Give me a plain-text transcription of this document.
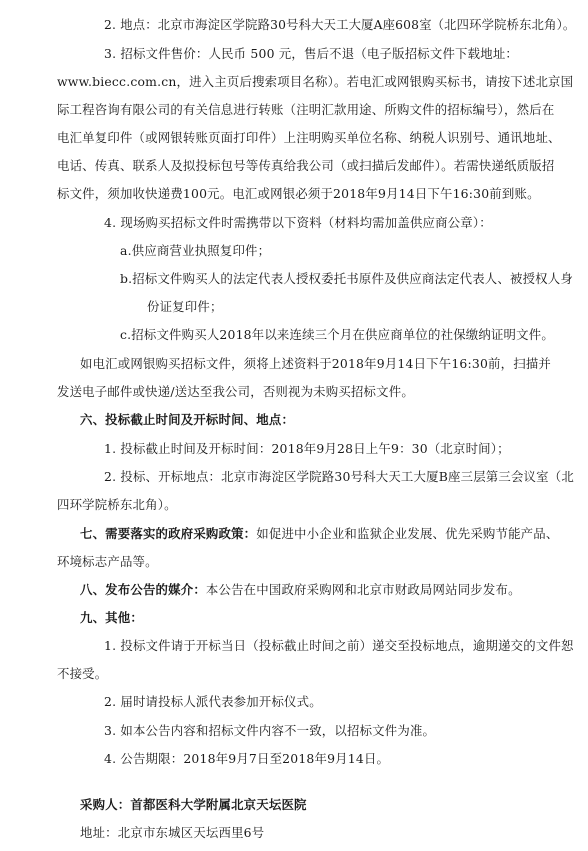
2. 地点：北京市海淀区学院路30号科大天工大厦A座608室（北四环学院桥东北角）。
3. 招标文件售价：人民币 500 元，售后不退（电子版招标文件下载地址：
www.biecc.com.cn，进入主页后搜索项目名称）。若电汇或网银购买标书，请按下述北京国
际工程咨询有限公司的有关信息进行转账（注明汇款用途、所购文件的招标编号），然后在
电汇单复印件（或网银转账页面打印件）上注明购买单位名称、纳税人识别号、通讯地址、
电话、传真、联系人及拟投标包号等传真给我公司（或扫描后发邮件）。若需快递纸质版招
标文件，须加收快递费100元。电汇或网银必须于2018年9月14日下午16:30前到账。
4. 现场购买招标文件时需携带以下资料（材料均需加盖供应商公章）：
a.供应商营业执照复印件；
b.招标文件购买人的法定代表人授权委托书原件及供应商法定代表人、被授权人身
份证复印件；
c.招标文件购买人2018年以来连续三个月在供应商单位的社保缴纳证明文件。
如电汇或网银购买招标文件，须将上述资料于2018年9月14日下午16:30前，扫描并
发送电子邮件或快递/送达至我公司，否则视为未购买招标文件。
六、投标截止时间及开标时间、地点：
1. 投标截止时间及开标时间：2018年9月28日上午9：30（北京时间）；
2. 投标、开标地点：北京市海淀区学院路30号科大天工大厦B座三层第三会议室（北
四环学院桥东北角）。
七、需要落实的政府采购政策：如促进中小企业和监狱企业发展、优先采购节能产品、
环境标志产品等。
八、发布公告的媒介：本公告在中国政府采购网和北京市财政局网站同步发布。
九、其他：
1. 投标文件请于开标当日（投标截止时间之前）递交至投标地点，逾期递交的文件恕
不接受。
2. 届时请投标人派代表参加开标仪式。
3. 如本公告内容和招标文件内容不一致，以招标文件为准。
4. 公告期限：2018年9月7日至2018年9月14日。
采购人：首都医科大学附属北京天坛医院
地址：北京市东城区天坛西里6号
